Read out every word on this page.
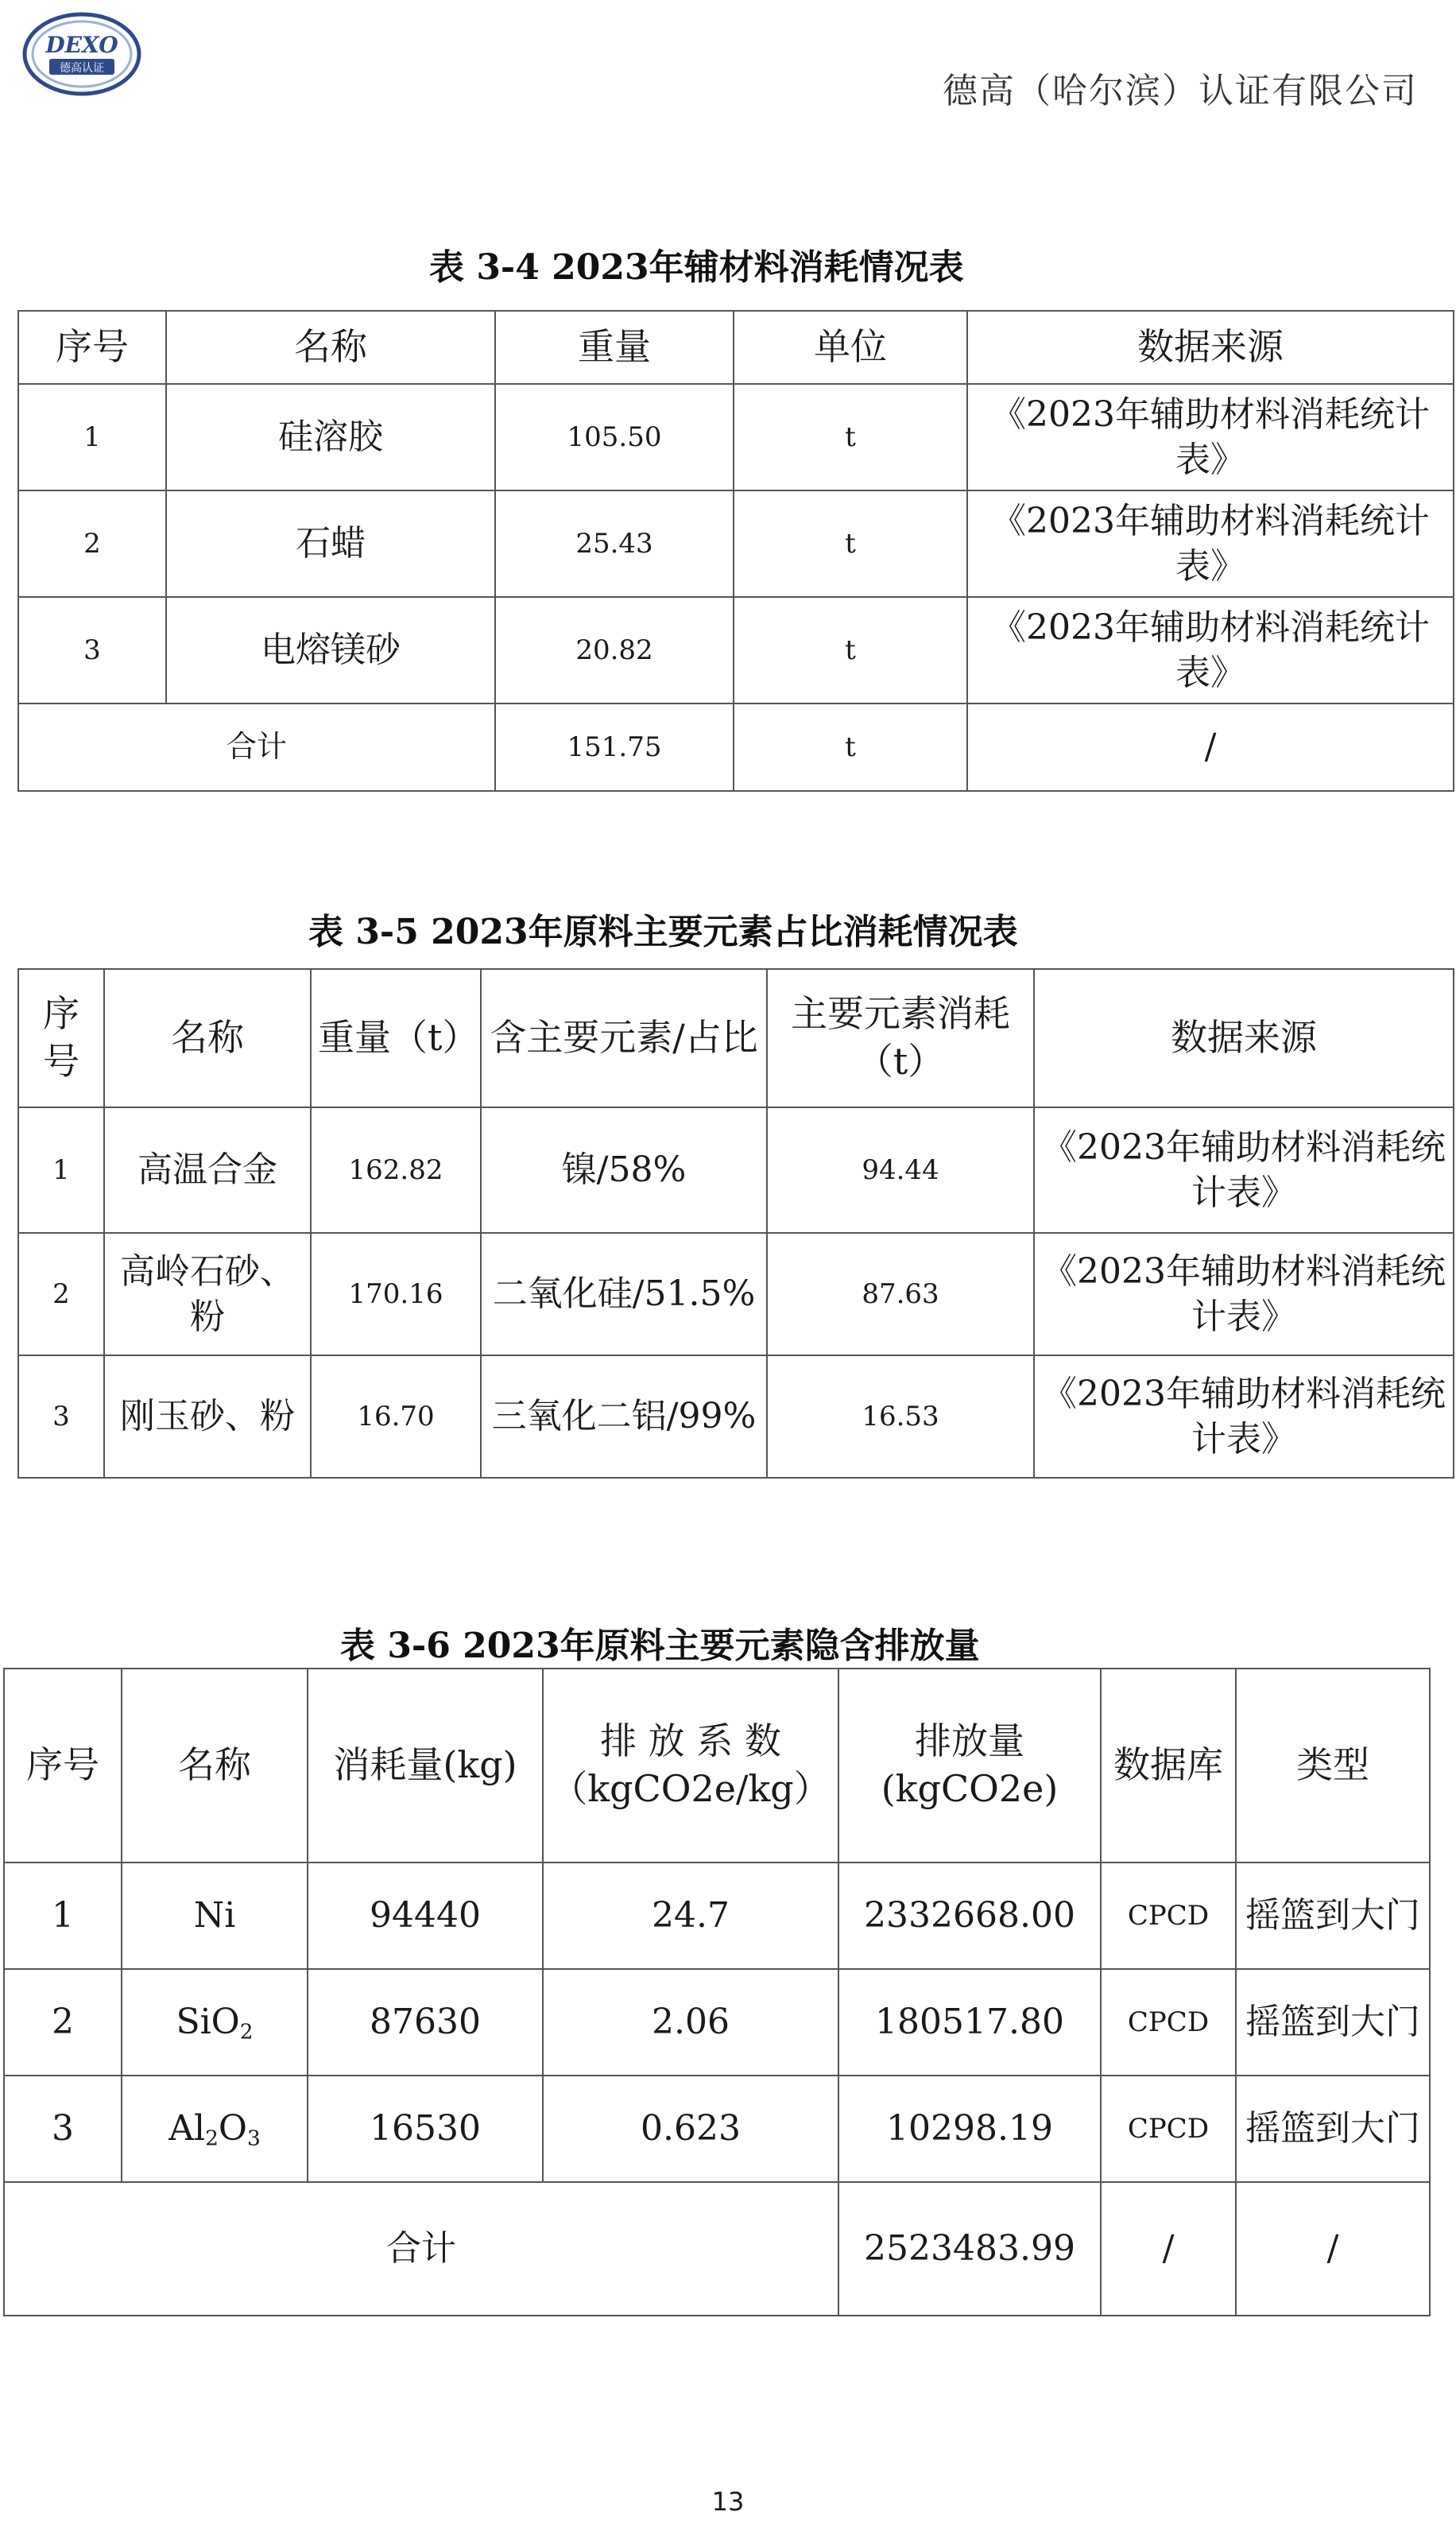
DEXO
德高认证
德高（哈尔滨）认证有限公司
表 3-4 2023年辅材料消耗情况表
序号	名称	重量	单位	数据来源
1	硅溶胶	105.50	t	《2023年辅助材料消耗统计表》
2	石蜡	25.43	t	《2023年辅助材料消耗统计表》
3	电熔镁砂	20.82	t	《2023年辅助材料消耗统计表》
合计		151.75	t	/
表 3-5 2023年原料主要元素占比消耗情况表
序号	名称	重量（t）	含主要元素/占比	主要元素消耗（t）	数据来源
1	高温合金	162.82	镍/58%	94.44	《2023年辅助材料消耗统计表》
2	高岭石砂、粉	170.16	二氧化硅/51.5%	87.63	《2023年辅助材料消耗统计表》
3	刚玉砂、粉	16.70	三氧化二铝/99%	16.53	《2023年辅助材料消耗统计表》
表 3-6 2023年原料主要元素隐含排放量
序号	名称	消耗量(kg)	排 放 系 数（kgCO2e/kg）	排放量(kgCO2e)	数据库	类型
1	Ni	94440	24.7	2332668.00	CPCD	摇篮到大门
2	SiO$_2$	87630	2.06	180517.80	CPCD	摇篮到大门
3	$Al_2O_3$	16530	0.623	10298.19	CPCD	摇篮到大门
合计				2523483.99	/	/
13
